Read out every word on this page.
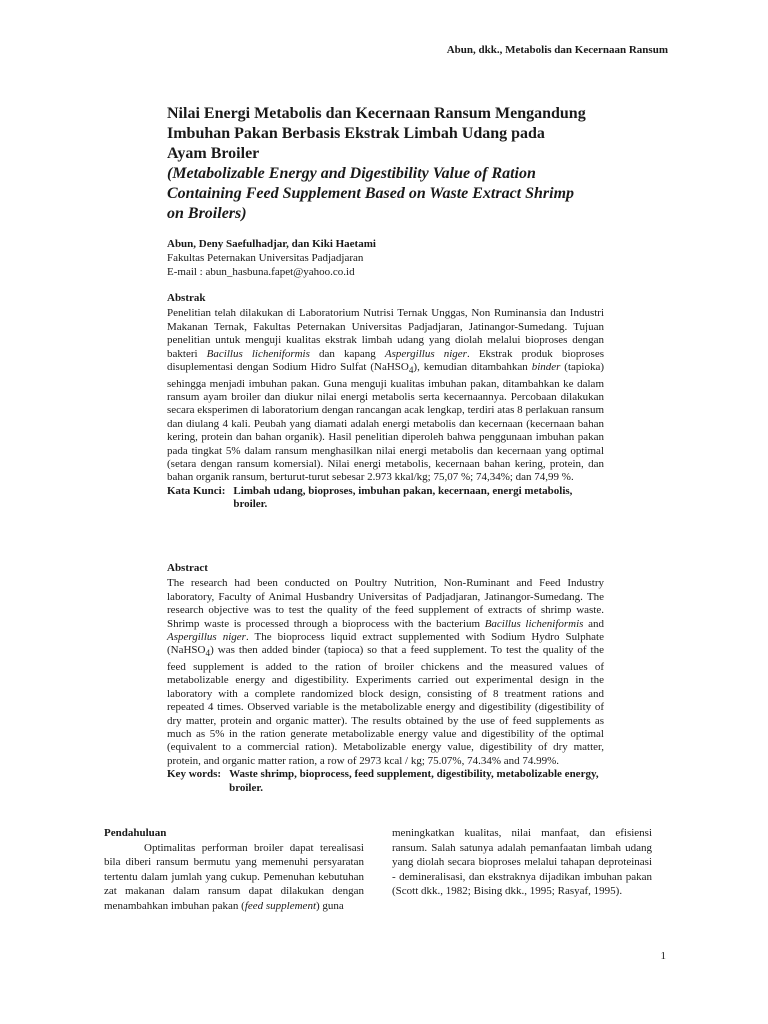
Abun, dkk., Metabolis dan Kecernaan Ransum
Nilai Energi Metabolis dan Kecernaan Ransum Mengandung
Imbuhan Pakan Berbasis Ekstrak Limbah Udang pada
Ayam Broiler
(Metabolizable Energy and Digestibility Value of Ration
Containing Feed Supplement Based on Waste Extract Shrimp
on Broilers)
Abun, Deny Saefulhadjar, dan Kiki Haetami
Fakultas Peternakan Universitas Padjadjaran
E-mail : abun_hasbuna.fapet@yahoo.co.id
Abstrak

Penelitian telah dilakukan di Laboratorium Nutrisi Ternak Unggas, Non Ruminansia dan Industri Makanan Ternak, Fakultas Peternakan Universitas Padjadjaran, Jatinangor-Sumedang. Tujuan penelitian untuk menguji kualitas ekstrak limbah udang yang diolah melalui bioproses dengan bakteri Bacillus licheniformis dan kapang Aspergillus niger. Ekstrak produk bioproses disuplementasi dengan Sodium Hidro Sulfat (NaHSO$_4$), kemudian ditambahkan binder (tapioka) sehingga menjadi imbuhan pakan. Guna menguji kualitas imbuhan pakan, ditambahkan ke dalam ransum ayam broiler dan diukur nilai energi metabolis serta kecernaannya. Percobaan dilakukan secara eksperimen di laboratorium dengan rancangan acak lengkap, terdiri atas 8 perlakuan ransum dan diulang 4 kali. Peubah yang diamati adalah energi metabolis dan kecernaan (kecernaan bahan kering, protein dan bahan organik). Hasil penelitian diperoleh bahwa penggunaan imbuhan pakan pada tingkat 5% dalam ransum menghasilkan nilai energi metabolis dan kecernaan yang optimal (setara dengan ransum komersial). Nilai energi metabolis, kecernaan bahan kering, protein, dan bahan organik ransum, berturut-turut sebesar 2.973 kkal/kg; 75,07 %; 74,34%; dan 74,99 %.

Kata Kunci: Limbah udang, bioproses, imbuhan pakan, kecernaan, energi metabolis, broiler.
Abstract

The research had been conducted on Poultry Nutrition, Non-Ruminant and Feed Industry laboratory, Faculty of Animal Husbandry Universitas of Padjadjaran, Jatinangor-Sumedang. The research objective was to test the quality of the feed supplement of extracts of shrimp waste. Shrimp waste is processed through a bioprocess with the bacterium Bacillus licheniformis and Aspergillus niger. The bioprocess liquid extract supplemented with Sodium Hydro Sulphate (NaHSO$_4$) was then added binder (tapioca) so that a feed supplement. To test the quality of the feed supplement is added to the ration of broiler chickens and the measured values of metabolizable energy and digestibility. Experiments carried out experimental design in the laboratory with a complete randomized block design, consisting of 8 treatment rations and repeated 4 times. Observed variable is the metabolizable energy and digestibility (digestibility of dry matter, protein and organic matter). The results obtained by the use of feed supplements as much as 5% in the ration generate metabolizable energy value and digestibility of the optimal (equivalent to a commercial ration). Metabolizable energy value, digestibility of dry matter, protein, and organic matter ration, a row of 2973 kcal / kg; 75.07%, 74.34% and 74.99%.

Key words: Waste shrimp, bioprocess, feed supplement, digestibility, metabolizable energy, broiler.
Pendahuluan

Optimalitas performan broiler dapat terealisasi bila diberi ransum bermutu yang memenuhi persyaratan tertentu dalam jumlah yang cukup. Pemenuhan kebutuhan zat makanan dalam ransum dapat dilakukan dengan menambahkan imbuhan pakan (feed supplement) guna

meningkatkan kualitas, nilai manfaat, dan efisiensi ransum. Salah satunya adalah pemanfaatan limbah udang yang diolah secara bioproses melalui tahapan deproteinasi - demineralisasi, dan ekstraknya dijadikan imbuhan pakan (Scott dkk., 1982; Bising dkk., 1995; Rasyaf, 1995).

1
